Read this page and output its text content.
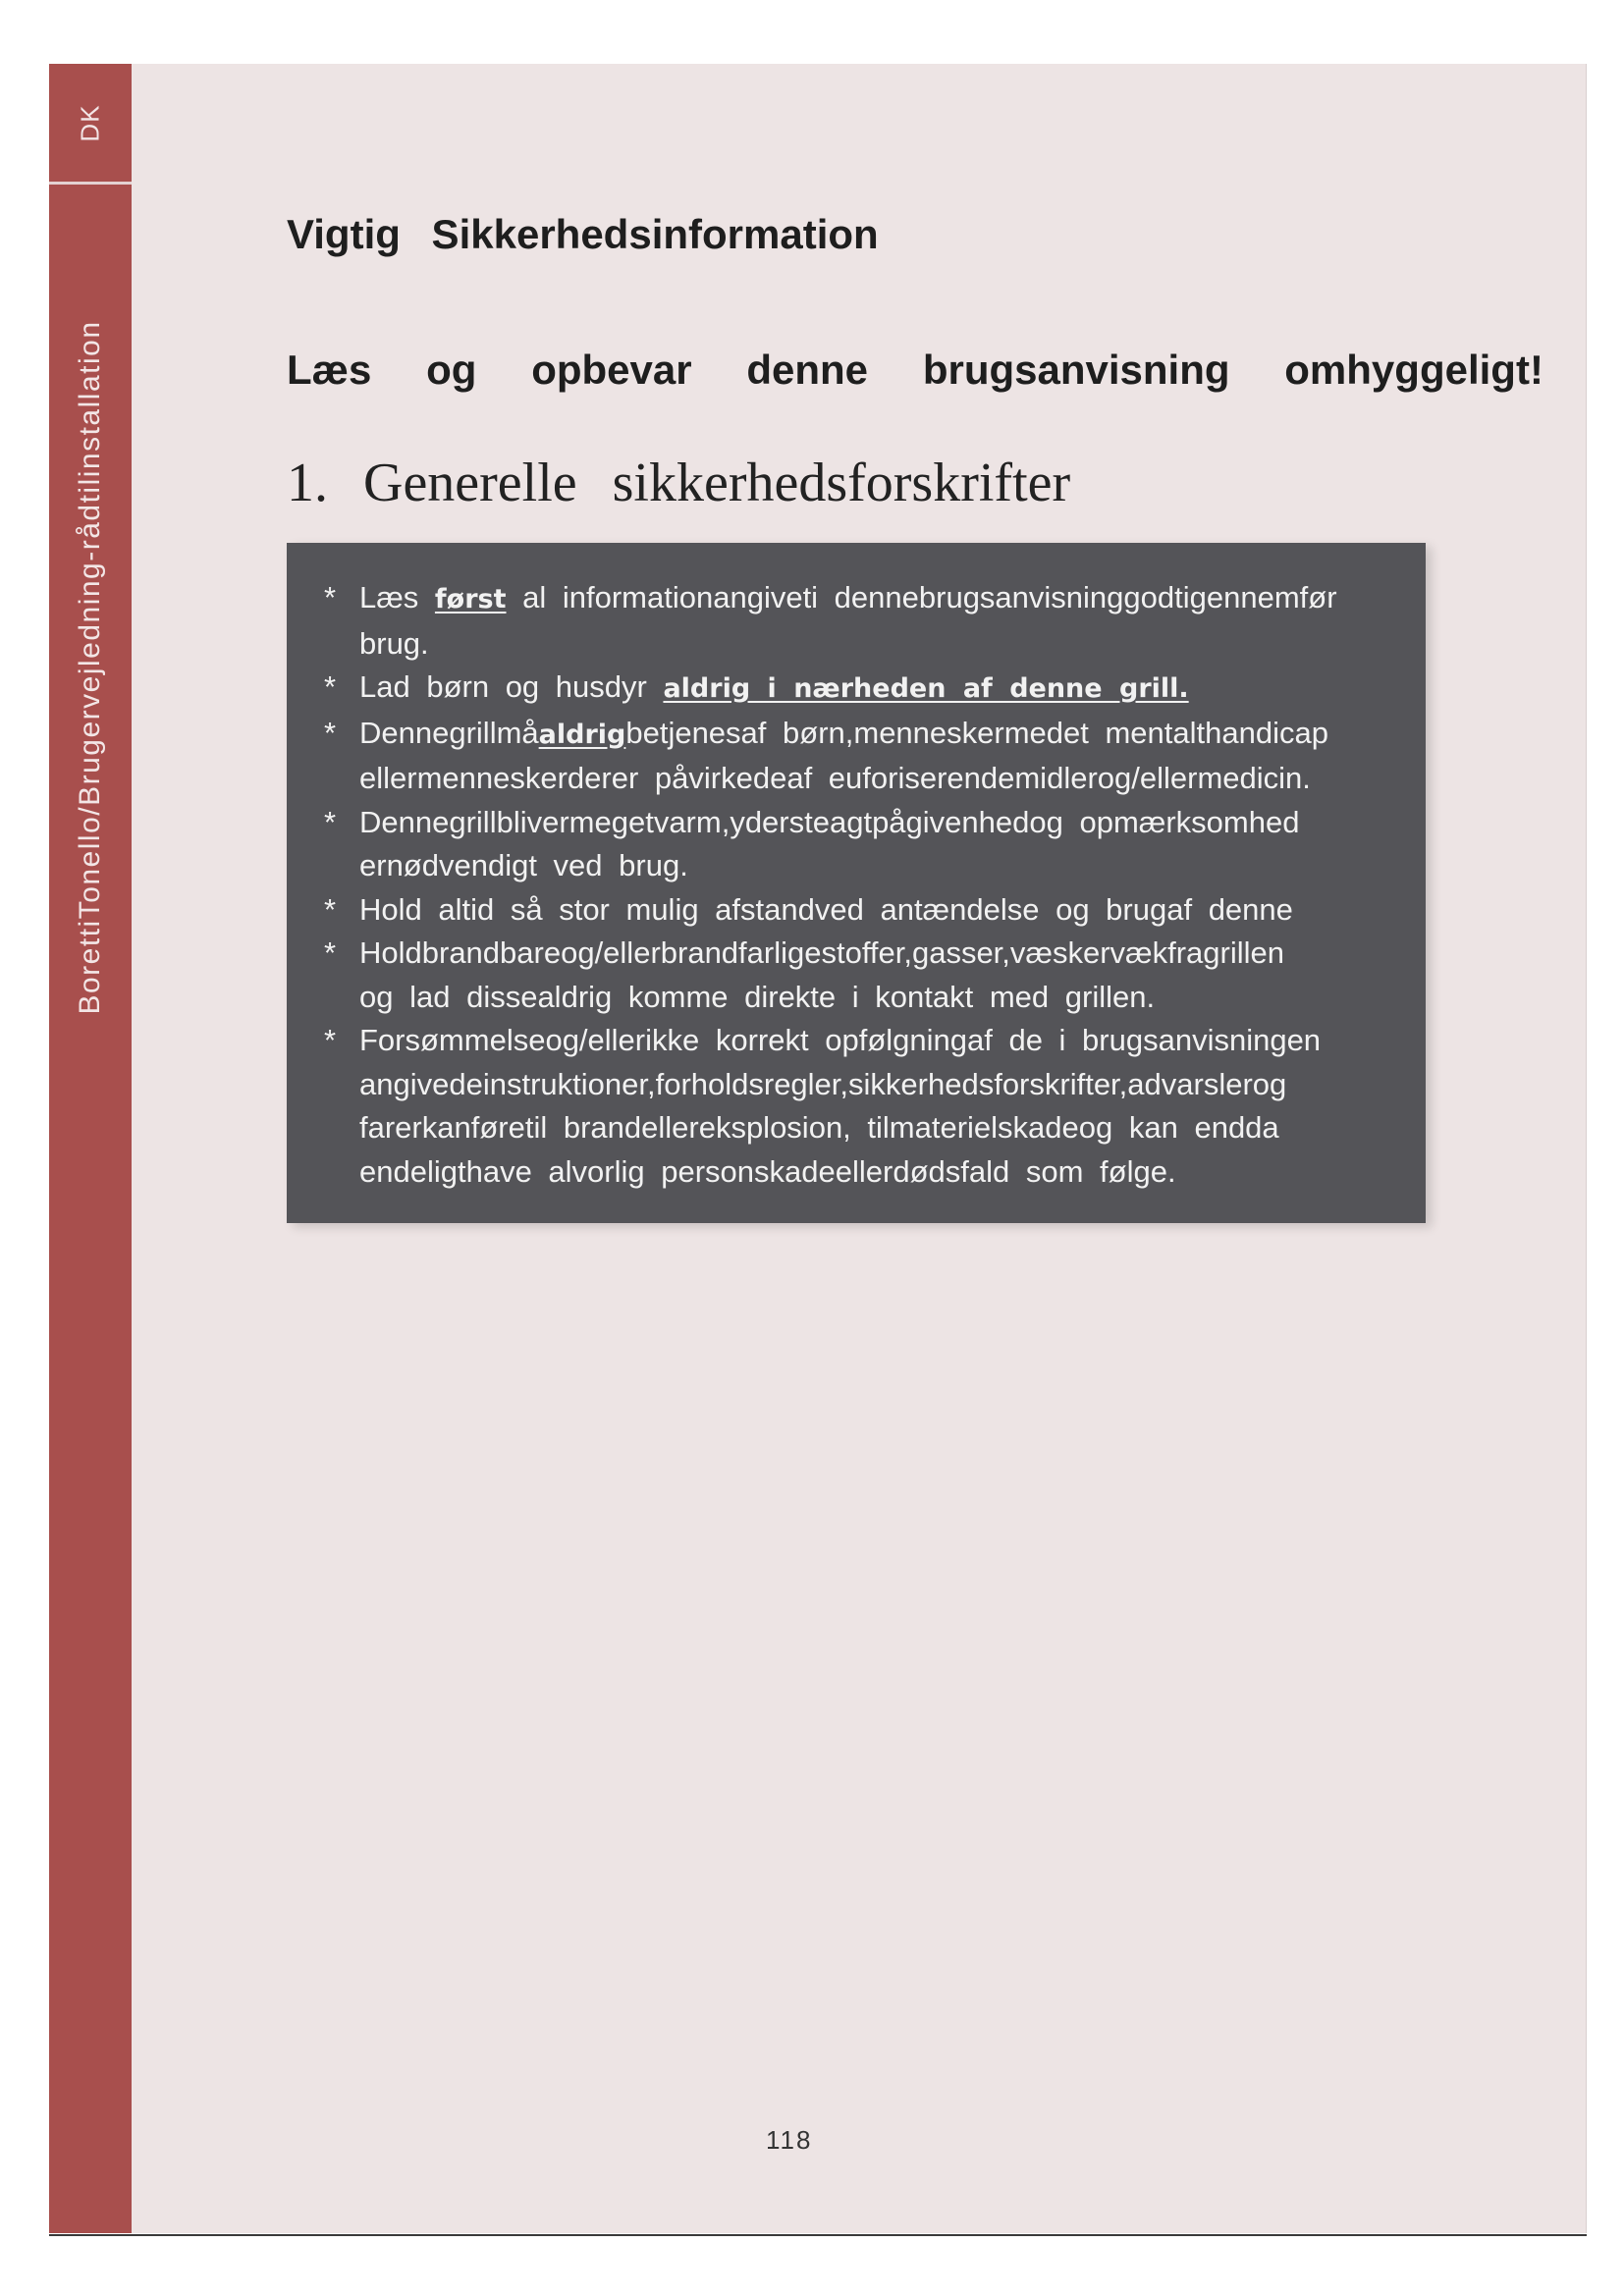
DK
BorettiTonello/Brugervejledning-rådtilinstallation
Vigtig Sikkerhedsinformation
Læs og opbevar denne brugsanvisning omhyggeligt!
1. Generelle sikkerhedsforskrifter
* Læs først al informationangiveti dennebrugsanvisninggodtigennemfør
brug.
* Lad børn og husdyr aldrig i nærheden af denne grill.
* Dennegrillmåaldrigbetjenesaf børn,menneskermedet mentalthandicap
ellermenneskerderer påvirkedeaf euforiserendemidlerog/ellermedicin.
* Dennegrillblivermegetvarm,ydersteagtpågivenhedog opmærksomhed
ernødvendigt ved brug.
* Hold altid så stor mulig afstandved antændelse og brugaf denne
* Holdbrandbareog/ellerbrandfarligestoffer,gasser,væskervækfragrillen
og lad dissealdrig komme direkte i kontakt med grillen.
* Forsømmelseog/ellerikke korrekt opfølgningaf de i brugsanvisningen
angivedeinstruktioner,forholdsregler,sikkerhedsforskrifter,advarslerog
farerkanføretil brandellereksplosion, tilmaterielskadeog kan endda
endeligthave alvorlig personskadeellerdødsfald som følge.
118
